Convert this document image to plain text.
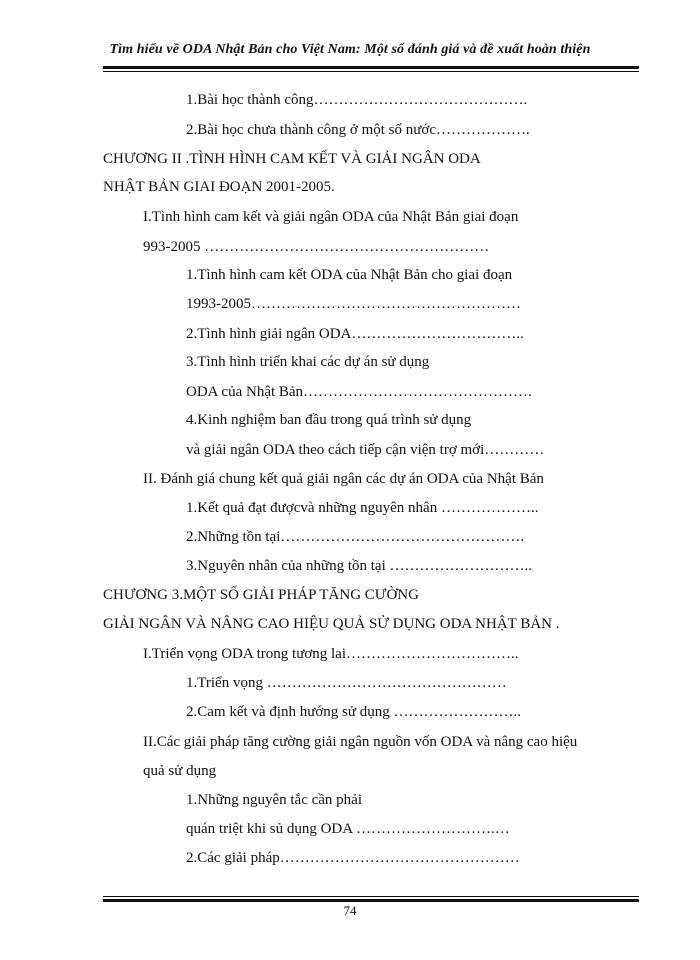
Tìm hiểu về ODA Nhật Bản cho Việt Nam: Một số đánh giá và đề xuất hoàn thiện
1.Bài học thành công…………………………………….
2.Bài học chưa thành công ở một số nước……………….
CHƯƠNG II .TÌNH HÌNH CAM KẾT VÀ GIẢI NGÂN ODA
NHẬT BẢN GIAI ĐOẠN 2001-2005.
I.Tình hình cam kết và giải ngân ODA của Nhật Bản giai đoạn
993-2005 …………………………………………………
1.Tình hình cam kết ODA của Nhật Bản cho giai đoạn
1993-2005………………………………………………
2.Tình hình giải ngân ODA……………………………..
3.Tình hình triển khai các dự án sử dụng
ODA của Nhật Bản……………………………………….
4.Kinh nghiệm ban đầu trong quá trình sử dụng
và giải ngân ODA theo cách tiếp cận viện trợ mới…………
II. Đánh giá chung kết quả giải ngân các dự án ODA của Nhật Bản
1.Kết quả đạt đượcvà những nguyên nhân ………………..
2.Những tồn tại………………………………………….
3.Nguyên nhân của những tồn tại ………………………..
CHƯƠNG 3.MỘT SỐ GIẢI PHÁP TĂNG CƯỜNG
GIẢI NGÂN VÀ NÂNG CAO HIỆU QUẢ SỬ DỤNG ODA NHẬT BẢN .
I.Triển vọng ODA trong tương lai……………………………..
1.Triển vọng …………………………………………
2.Cam kết và định hướng sử dụng ……………………..
II.Các giải pháp tăng cường giải ngân nguồn vốn ODA và nâng cao hiệu
quả sử dụng
1.Những nguyên tắc cần phải
quán triệt khi sủ dụng ODA ……………………….…
2.Các giải pháp…………………………………………
74
